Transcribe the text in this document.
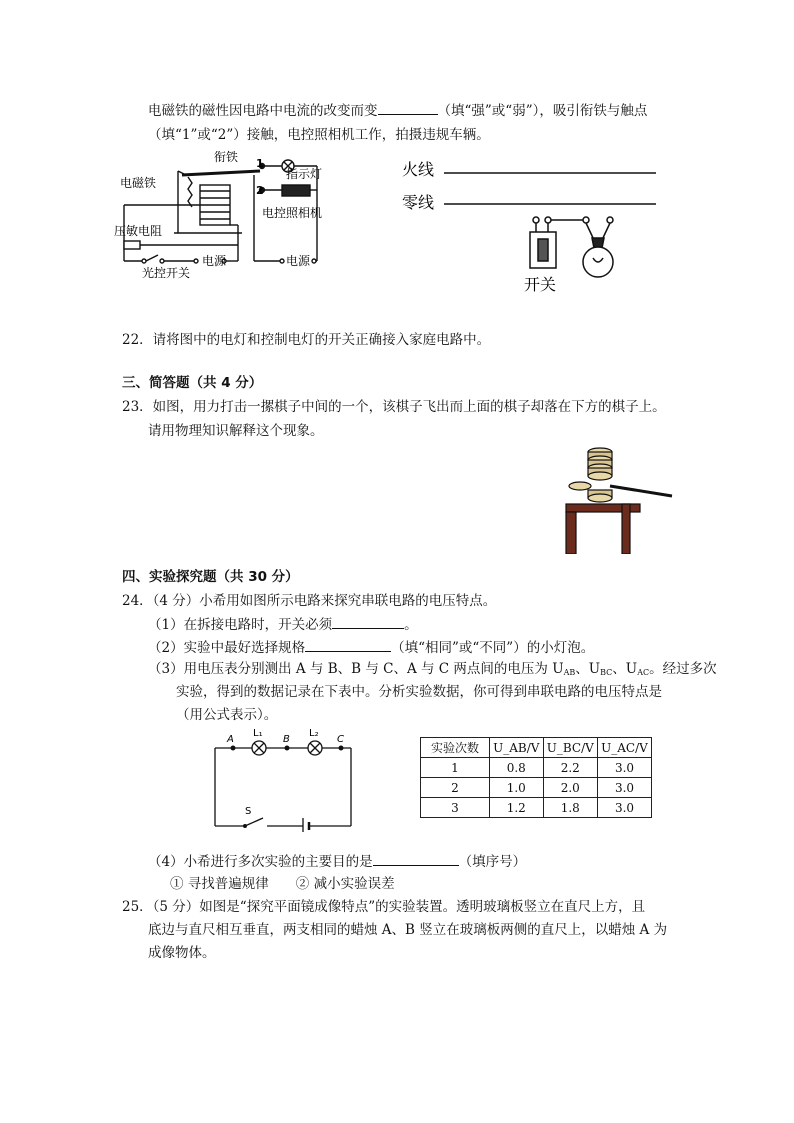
电磁铁的磁性因电路中电流的改变而变	（填“强”或“弱”），吸引衔铁与触点
（填“1”或“2”）接触，电控照相机工作，拍摄违规车辆。
衔铁 1
2
指示灯
电磁铁
电控照相机
压敏电阻
电源	电源
光控开关
火线
零线
开关
22．请将图中的电灯和控制电灯的开关正确接入家庭电路中。
三、简答题（共 4 分）
23．如图，用力打击一摞棋子中间的一个，该棋子飞出而上面的棋子却落在下方的棋子上。
请用物理知识解释这个现象。
四、实验探究题（共 30 分）
24．（4 分）小希用如图所示电路来探究串联电路的电压特点。
（1）在拆接电路时，开关必须	。
（2）实验中最好选择规格	（填“相同”或“不同”）的小灯泡。
（3）用电压表分别测出 A 与 B、B 与 C、A 与 C 两点间的电压为 $U_{AB}$、$U_{BC}$、$U_{AC}$。经过多次
实验，得到的数据记录在下表中。分析实验数据，你可得到串联电路的电压特点是
（用公式表示）。
A
L₁
B
L₂
C
S
实验次数	U_AB/V	U_BC/V	U_AC/V
1	0.8	2.2	3.0
2	1.0	2.0	3.0
3	1.2	1.8	3.0
（4）小希进行多次实验的主要目的是	（填序号）
① 寻找普遍规律　　② 减小实验误差
25．（5 分）如图是“探究平面镜成像特点”的实验装置。透明玻璃板竖立在直尺上方，且
底边与直尺相互垂直，两支相同的蜡烛 A、B 竖立在玻璃板两侧的直尺上，以蜡烛 A 为
成像物体。
